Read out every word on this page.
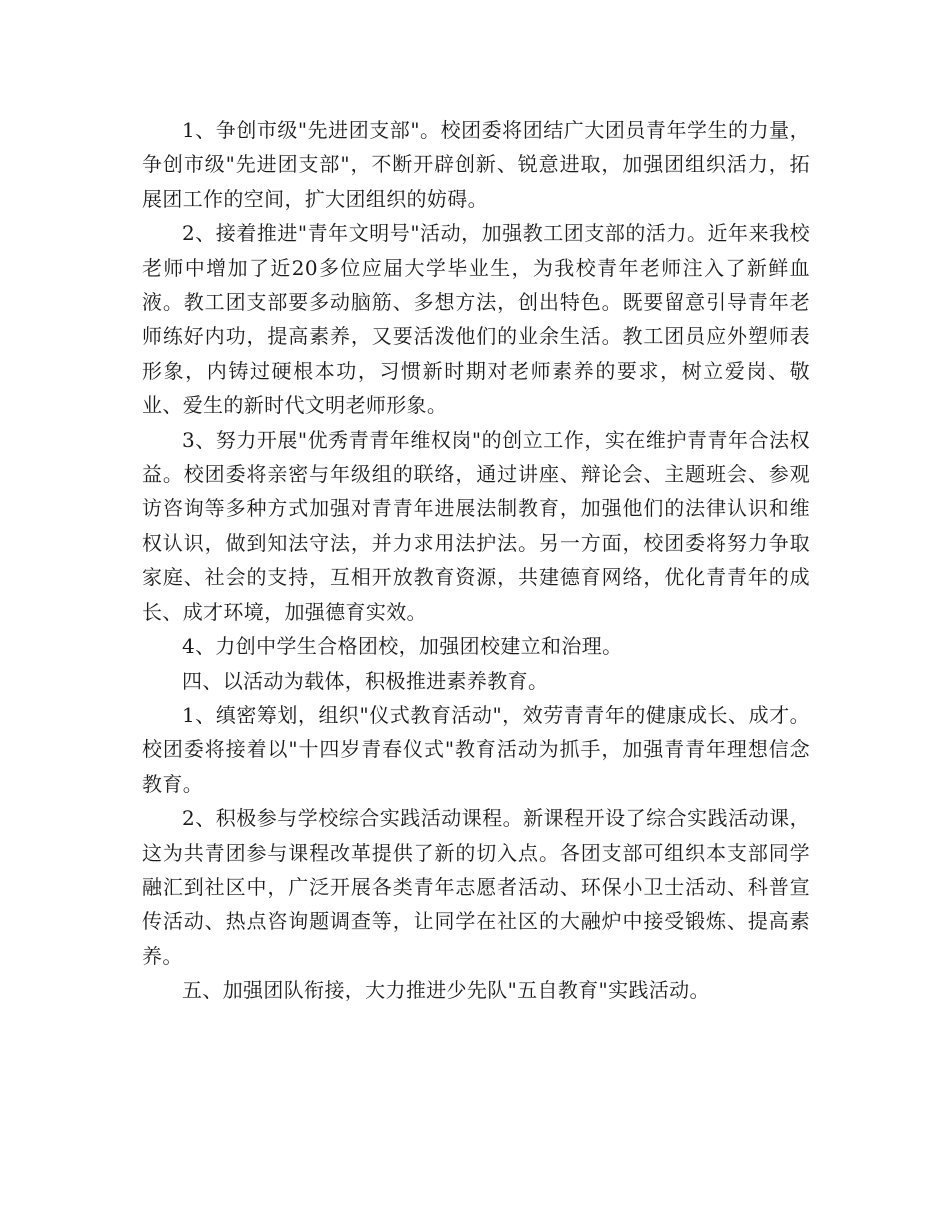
1、争创市级"先进团支部"。校团委将团结广大团员青年学生的力量，争创市级"先进团支部"，不断开辟创新、锐意进取，加强团组织活力，拓展团工作的空间，扩大团组织的妨碍。

2、接着推进"青年文明号"活动，加强教工团支部的活力。近年来我校老师中增加了近20多位应届大学毕业生，为我校青年老师注入了新鲜血液。教工团支部要多动脑筋、多想方法，创出特色。既要留意引导青年老师练好内功，提高素养，又要活泼他们的业余生活。教工团员应外塑师表形象，内铸过硬根本功，习惯新时期对老师素养的要求，树立爱岗、敬业、爱生的新时代文明老师形象。

3、努力开展"优秀青青年维权岗"的创立工作，实在维护青青年合法权益。校团委将亲密与年级组的联络，通过讲座、辩论会、主题班会、参观访咨询等多种方式加强对青青年进展法制教育，加强他们的法律认识和维权认识，做到知法守法，并力求用法护法。另一方面，校团委将努力争取家庭、社会的支持，互相开放教育资源，共建德育网络，优化青青年的成长、成才环境，加强德育实效。

4、力创中学生合格团校，加强团校建立和治理。

四、以活动为载体，积极推进素养教育。

1、缜密筹划，组织"仪式教育活动"，效劳青青年的健康成长、成才。校团委将接着以"十四岁青春仪式"教育活动为抓手，加强青青年理想信念教育。

2、积极参与学校综合实践活动课程。新课程开设了综合实践活动课，这为共青团参与课程改革提供了新的切入点。各团支部可组织本支部同学融汇到社区中，广泛开展各类青年志愿者活动、环保小卫士活动、科普宣传活动、热点咨询题调查等，让同学在社区的大融炉中接受锻炼、提高素养。

五、加强团队衔接，大力推进少先队"五自教育"实践活动。
